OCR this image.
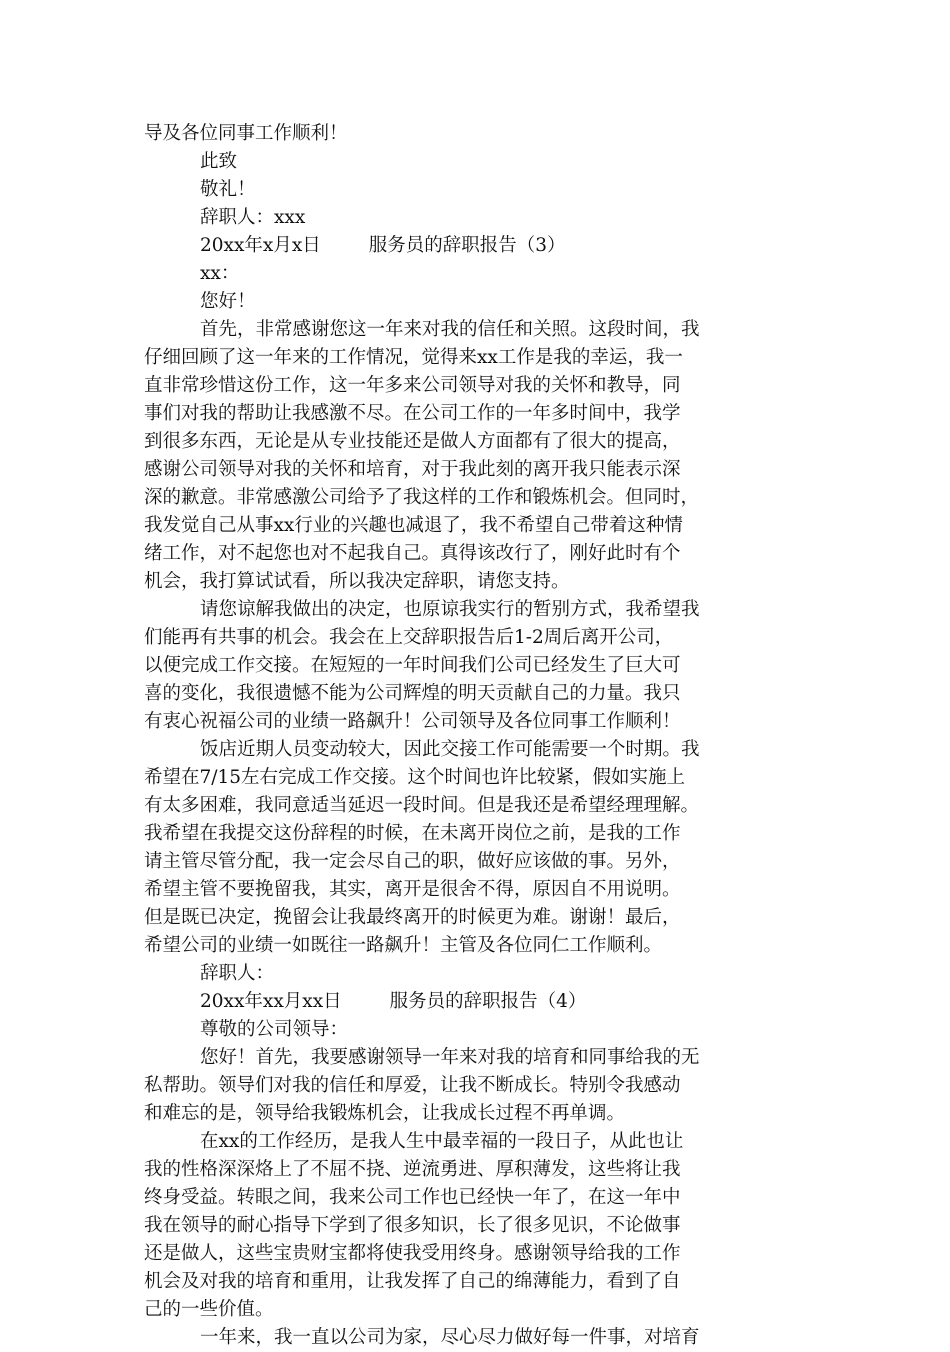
导及各位同事工作顺利！
此致
敬礼！
辞职人：xxx
20xx年x月x日	服务员的辞职报告（3）
xx：
您好！
首先，非常感谢您这一年来对我的信任和关照。这段时间，我
仔细回顾了这一年来的工作情况，觉得来xx工作是我的幸运，我一
直非常珍惜这份工作，这一年多来公司领导对我的关怀和教导，同
事们对我的帮助让我感激不尽。在公司工作的一年多时间中，我学
到很多东西，无论是从专业技能还是做人方面都有了很大的提高，
感谢公司领导对我的关怀和培育，对于我此刻的离开我只能表示深
深的歉意。非常感激公司给予了我这样的工作和锻炼机会。但同时，
我发觉自己从事xx行业的兴趣也减退了，我不希望自己带着这种情
绪工作，对不起您也对不起我自己。真得该改行了，刚好此时有个
机会，我打算试试看，所以我决定辞职，请您支持。
请您谅解我做出的决定，也原谅我实行的暂别方式，我希望我
们能再有共事的机会。我会在上交辞职报告后1-2周后离开公司，
以便完成工作交接。在短短的一年时间我们公司已经发生了巨大可
喜的变化，我很遗憾不能为公司辉煌的明天贡献自己的力量。我只
有衷心祝福公司的业绩一路飙升！公司领导及各位同事工作顺利！
饭店近期人员变动较大，因此交接工作可能需要一个时期。我
希望在7/15左右完成工作交接。这个时间也许比较紧，假如实施上
有太多困难，我同意适当延迟一段时间。但是我还是希望经理理解。
我希望在我提交这份辞程的时候，在未离开岗位之前，是我的工作
请主管尽管分配，我一定会尽自己的职，做好应该做的事。另外，
希望主管不要挽留我，其实，离开是很舍不得，原因自不用说明。
但是既已决定，挽留会让我最终离开的时候更为难。谢谢！最后，
希望公司的业绩一如既往一路飙升！主管及各位同仁工作顺利。
辞职人：
20xx年xx月xx日	服务员的辞职报告（4）
尊敬的公司领导：
您好！首先，我要感谢领导一年来对我的培育和同事给我的无
私帮助。领导们对我的信任和厚爱，让我不断成长。特别令我感动
和难忘的是，领导给我锻炼机会，让我成长过程不再单调。
在xx的工作经历，是我人生中最幸福的一段日子，从此也让
我的性格深深烙上了不屈不挠、逆流勇进、厚积薄发，这些将让我
终身受益。转眼之间，我来公司工作也已经快一年了，在这一年中
我在领导的耐心指导下学到了很多知识，长了很多见识，不论做事
还是做人，这些宝贵财宝都将使我受用终身。感谢领导给我的工作
机会及对我的培育和重用，让我发挥了自己的绵薄能力，看到了自
己的一些价值。
一年来，我一直以公司为家，尽心尽力做好每一件事，对培育
